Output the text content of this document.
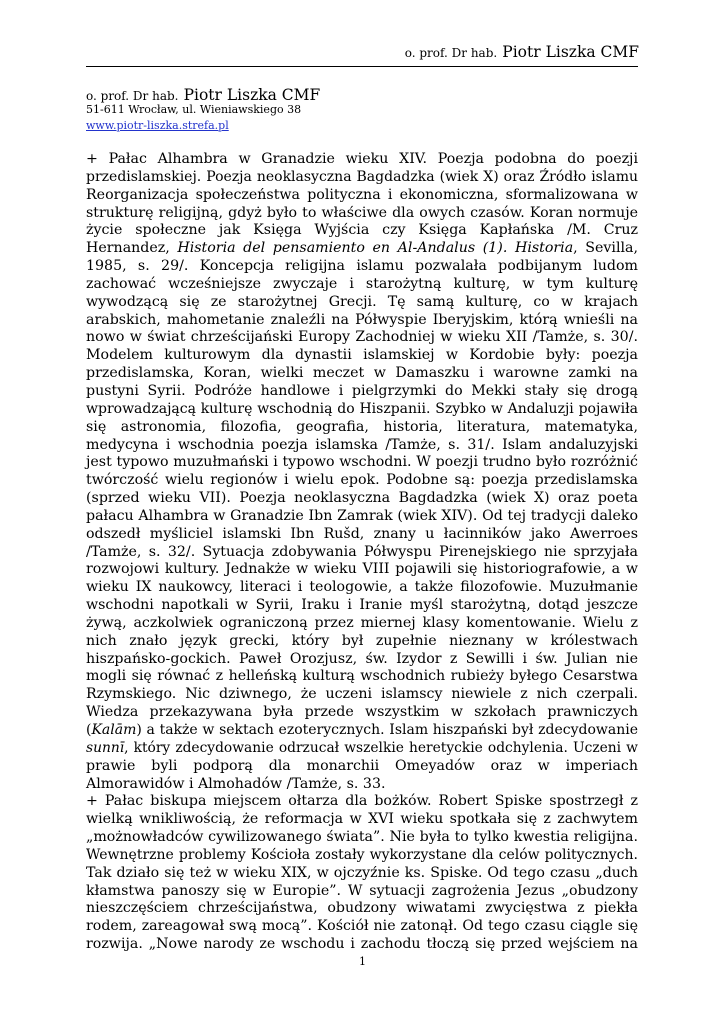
o. prof. Dr hab. Piotr Liszka CMF
o. prof. Dr hab. Piotr Liszka CMF
51-611 Wrocław, ul. Wieniawskiego 38
www.piotr-liszka.strefa.pl
+ Pałac Alhambra w Granadzie wieku XIV. Poezja podobna do poezji
przedislamskiej. Poezja neoklasyczna Bagdadzka (wiek X) oraz Źródło islamu
Reorganizacja społeczeństwa polityczna i ekonomiczna, sformalizowana w
strukturę religijną, gdyż było to właściwe dla owych czasów. Koran normuje
życie społeczne jak Księga Wyjścia czy Księga Kapłańska /M. Cruz
Hernandez, Historia del pensamiento en Al-Andalus (1). Historia, Sevilla,
1985, s. 29/. Koncepcja religijna islamu pozwalała podbijanym ludom
zachować wcześniejsze zwyczaje i starożytną kulturę, w tym kulturę
wywodzącą się ze starożytnej Grecji. Tę samą kulturę, co w krajach
arabskich, mahometanie znaleźli na Półwyspie Iberyjskim, którą wnieśli na
nowo w świat chrześcijański Europy Zachodniej w wieku XII /Tamże, s. 30/.
Modelem kulturowym dla dynastii islamskiej w Kordobie były: poezja
przedislamska, Koran, wielki meczet w Damaszku i warowne zamki na
pustyni Syrii. Podróże handlowe i pielgrzymki do Mekki stały się drogą
wprowadzającą kulturę wschodnią do Hiszpanii. Szybko w Andaluzji pojawiła
się astronomia, filozofia, geografia, historia, literatura, matematyka,
medycyna i wschodnia poezja islamska /Tamże, s. 31/. Islam andaluzyjski
jest typowo muzułmański i typowo wschodni. W poezji trudno było rozróżnić
twórczość wielu regionów i wielu epok. Podobne są: poezja przedislamska
(sprzed wieku VII). Poezja neoklasyczna Bagdadzka (wiek X) oraz poeta
pałacu Alhambra w Granadzie Ibn Zamrak (wiek XIV). Od tej tradycji daleko
odszedł myśliciel islamski Ibn Rušd, znany u łacinników jako Awerroes
/Tamże, s. 32/. Sytuacja zdobywania Półwyspu Pirenejskiego nie sprzyjała
rozwojowi kultury. Jednakże w wieku VIII pojawili się historiografowie, a w
wieku IX naukowcy, literaci i teologowie, a także filozofowie. Muzułmanie
wschodni napotkali w Syrii, Iraku i Iranie myśl starożytną, dotąd jeszcze
żywą, aczkolwiek ograniczoną przez miernej klasy komentowanie. Wielu z
nich znało język grecki, który był zupełnie nieznany w królestwach
hiszpańsko-gockich. Paweł Orozjusz, św. Izydor z Sewilli i św. Julian nie
mogli się równać z helleńską kulturą wschodnich rubieży byłego Cesarstwa
Rzymskiego. Nic dziwnego, że uczeni islamscy niewiele z nich czerpali.
Wiedza przekazywana była przede wszystkim w szkołach prawniczych
(Kalām) a także w sektach ezoterycznych. Islam hiszpański był zdecydowanie
sunnī, który zdecydowanie odrzucał wszelkie heretyckie odchylenia. Uczeni w
prawie byli podporą dla monarchii Omeyadów oraz w imperiach
Almorawidów i Almohadów /Tamże, s. 33.
+ Pałac biskupa miejscem ołtarza dla bożków. Robert Spiske spostrzegł z
wielką wnikliwością, że reformacja w XVI wieku spotkała się z zachwytem
„możnowładców cywilizowanego świata”. Nie była to tylko kwestia religijna.
Wewnętrzne problemy Kościoła zostały wykorzystane dla celów politycznych.
Tak działo się też w wieku XIX, w ojczyźnie ks. Spiske. Od tego czasu „duch
kłamstwa panoszy się w Europie”. W sytuacji zagrożenia Jezus „obudzony
nieszczęściem chrześcijaństwa, obudzony wiwatami zwycięstwa z piekła
rodem, zareagował swą mocą”. Kościół nie zatonął. Od tego czasu ciągle się
rozwija. „Nowe narody ze wschodu i zachodu tłoczą się przed wejściem na
1
